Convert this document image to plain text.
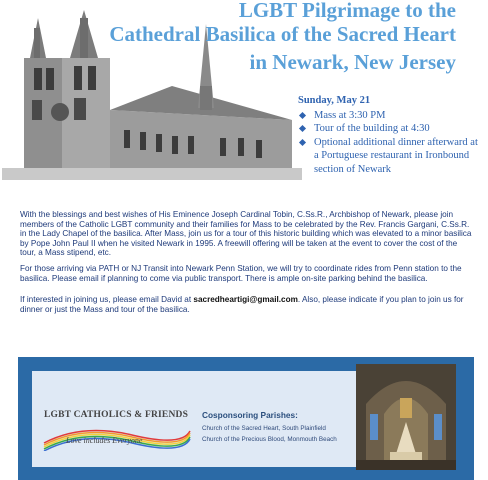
LGBT Pilgrimage to the
Cathedral Basilica of the Sacred Heart
in Newark, New Jersey
Sunday, May 21
Mass at 3:30 PM
Tour of the building at 4:30
Optional additional dinner afterward at a Portuguese restaurant in Ironbound section of Newark

With the blessings and best wishes of His Eminence Joseph Cardinal Tobin, C.Ss.R., Archbishop of Newark, please join members of the Catholic LGBT community and their families for Mass to be celebrated by the Rev. Francis Gargani, C.Ss.R. in the Lady Chapel of the basilica. After Mass, join us for a tour of this historic building which was elevated to a minor basilica by Pope John Paul II when he visited Newark in 1995. A freewill offering will be taken at the event to cover the cost of the tour, a Mass stipend, etc.

For those arriving via PATH or NJ Transit into Newark Penn Station, we will try to coordinate rides from Penn station to the basilica. Please email if planning to come via public transport. There is ample on-site parking behind the basilica.

If interested in joining us, please email David at sacredheartigi@gmail.com. Also, please indicate if you plan to join us for dinner or just the Mass and tour of the basilica.

LGBT CATHOLICS & FRIENDS
Love includes Everyone
Cosponsoring Parishes:
Church of the Sacred Heart, South Plainfield
Church of the Precious Blood, Monmouth Beach
